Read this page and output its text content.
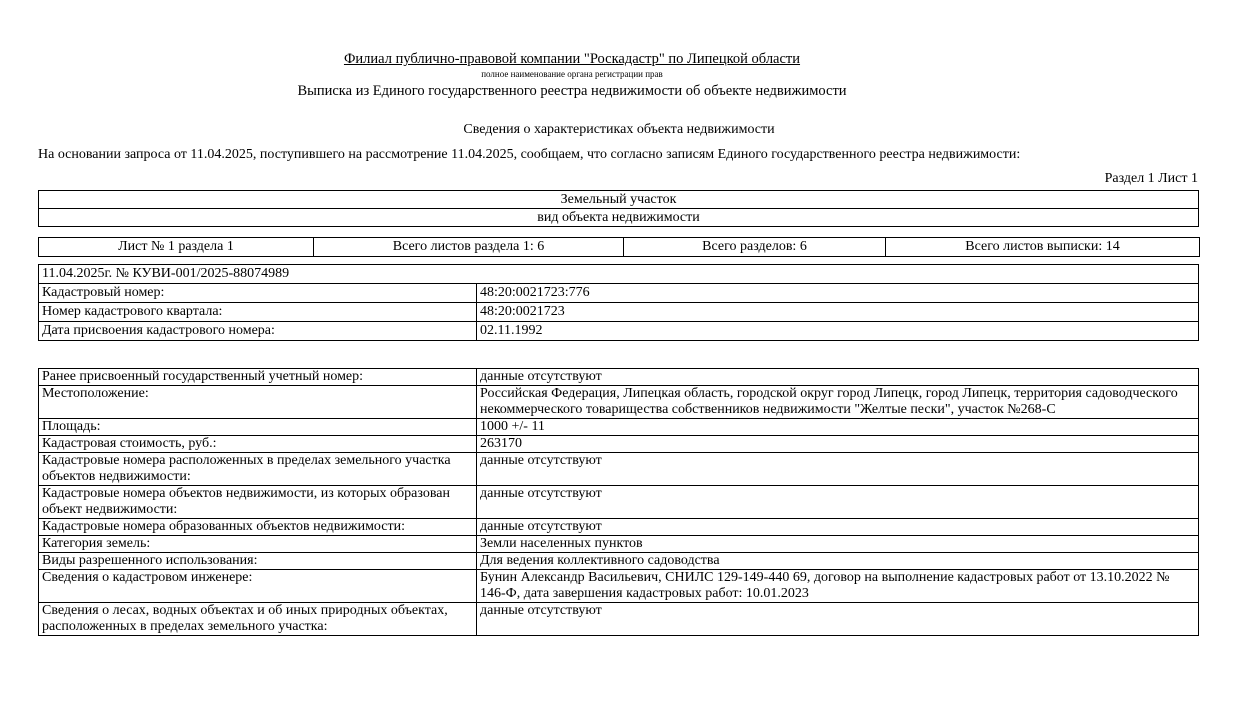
Филиал публично-правовой компании "Роскадастр" по Липецкой области
полное наименование органа регистрации прав
Выписка из Единого государственного реестра недвижимости об объекте недвижимости
Сведения о характеристиках объекта недвижимости
На основании запроса от 11.04.2025, поступившего на рассмотрение 11.04.2025, сообщаем, что согласно записям Единого государственного реестра недвижимости:
Раздел 1 Лист 1
Земельный участок
вид объекта недвижимости
Лист № 1 раздела 1	Всего листов раздела 1: 6	Всего разделов: 6	Всего листов выписки: 14
11.04.2025г. № КУВИ-001/2025-88074989	
Кадастровый номер:	48:20:0021723:776
Номер кадастрового квартала:	48:20:0021723
Дата присвоения кадастрового номера:	02.11.1992
Ранее присвоенный государственный учетный номер:	данные отсутствуют
Местоположение:	Российская Федерация, Липецкая область, городской округ город Липецк, город Липецк, территория садоводческого некоммерческого товарищества собственников недвижимости "Желтые пески", участок №268-С
Площадь:	1000 +/- 11
Кадастровая стоимость, руб.:	263170
Кадастровые номера расположенных в пределах земельного участка объектов недвижимости:	данные отсутствуют
Кадастровые номера объектов недвижимости, из которых образован объект недвижимости:	данные отсутствуют
Кадастровые номера образованных объектов недвижимости:	данные отсутствуют
Категория земель:	Земли населенных пунктов
Виды разрешенного использования:	Для ведения коллективного садоводства
Сведения о кадастровом инженере:	Бунин Александр Васильевич, СНИЛС 129-149-440 69, договор на выполнение кадастровых работ от 13.10.2022 № 146-Ф, дата завершения кадастровых работ: 10.01.2023
Сведения о лесах, водных объектах и об иных природных объектах, расположенных в пределах земельного участка:	данные отсутствуют
